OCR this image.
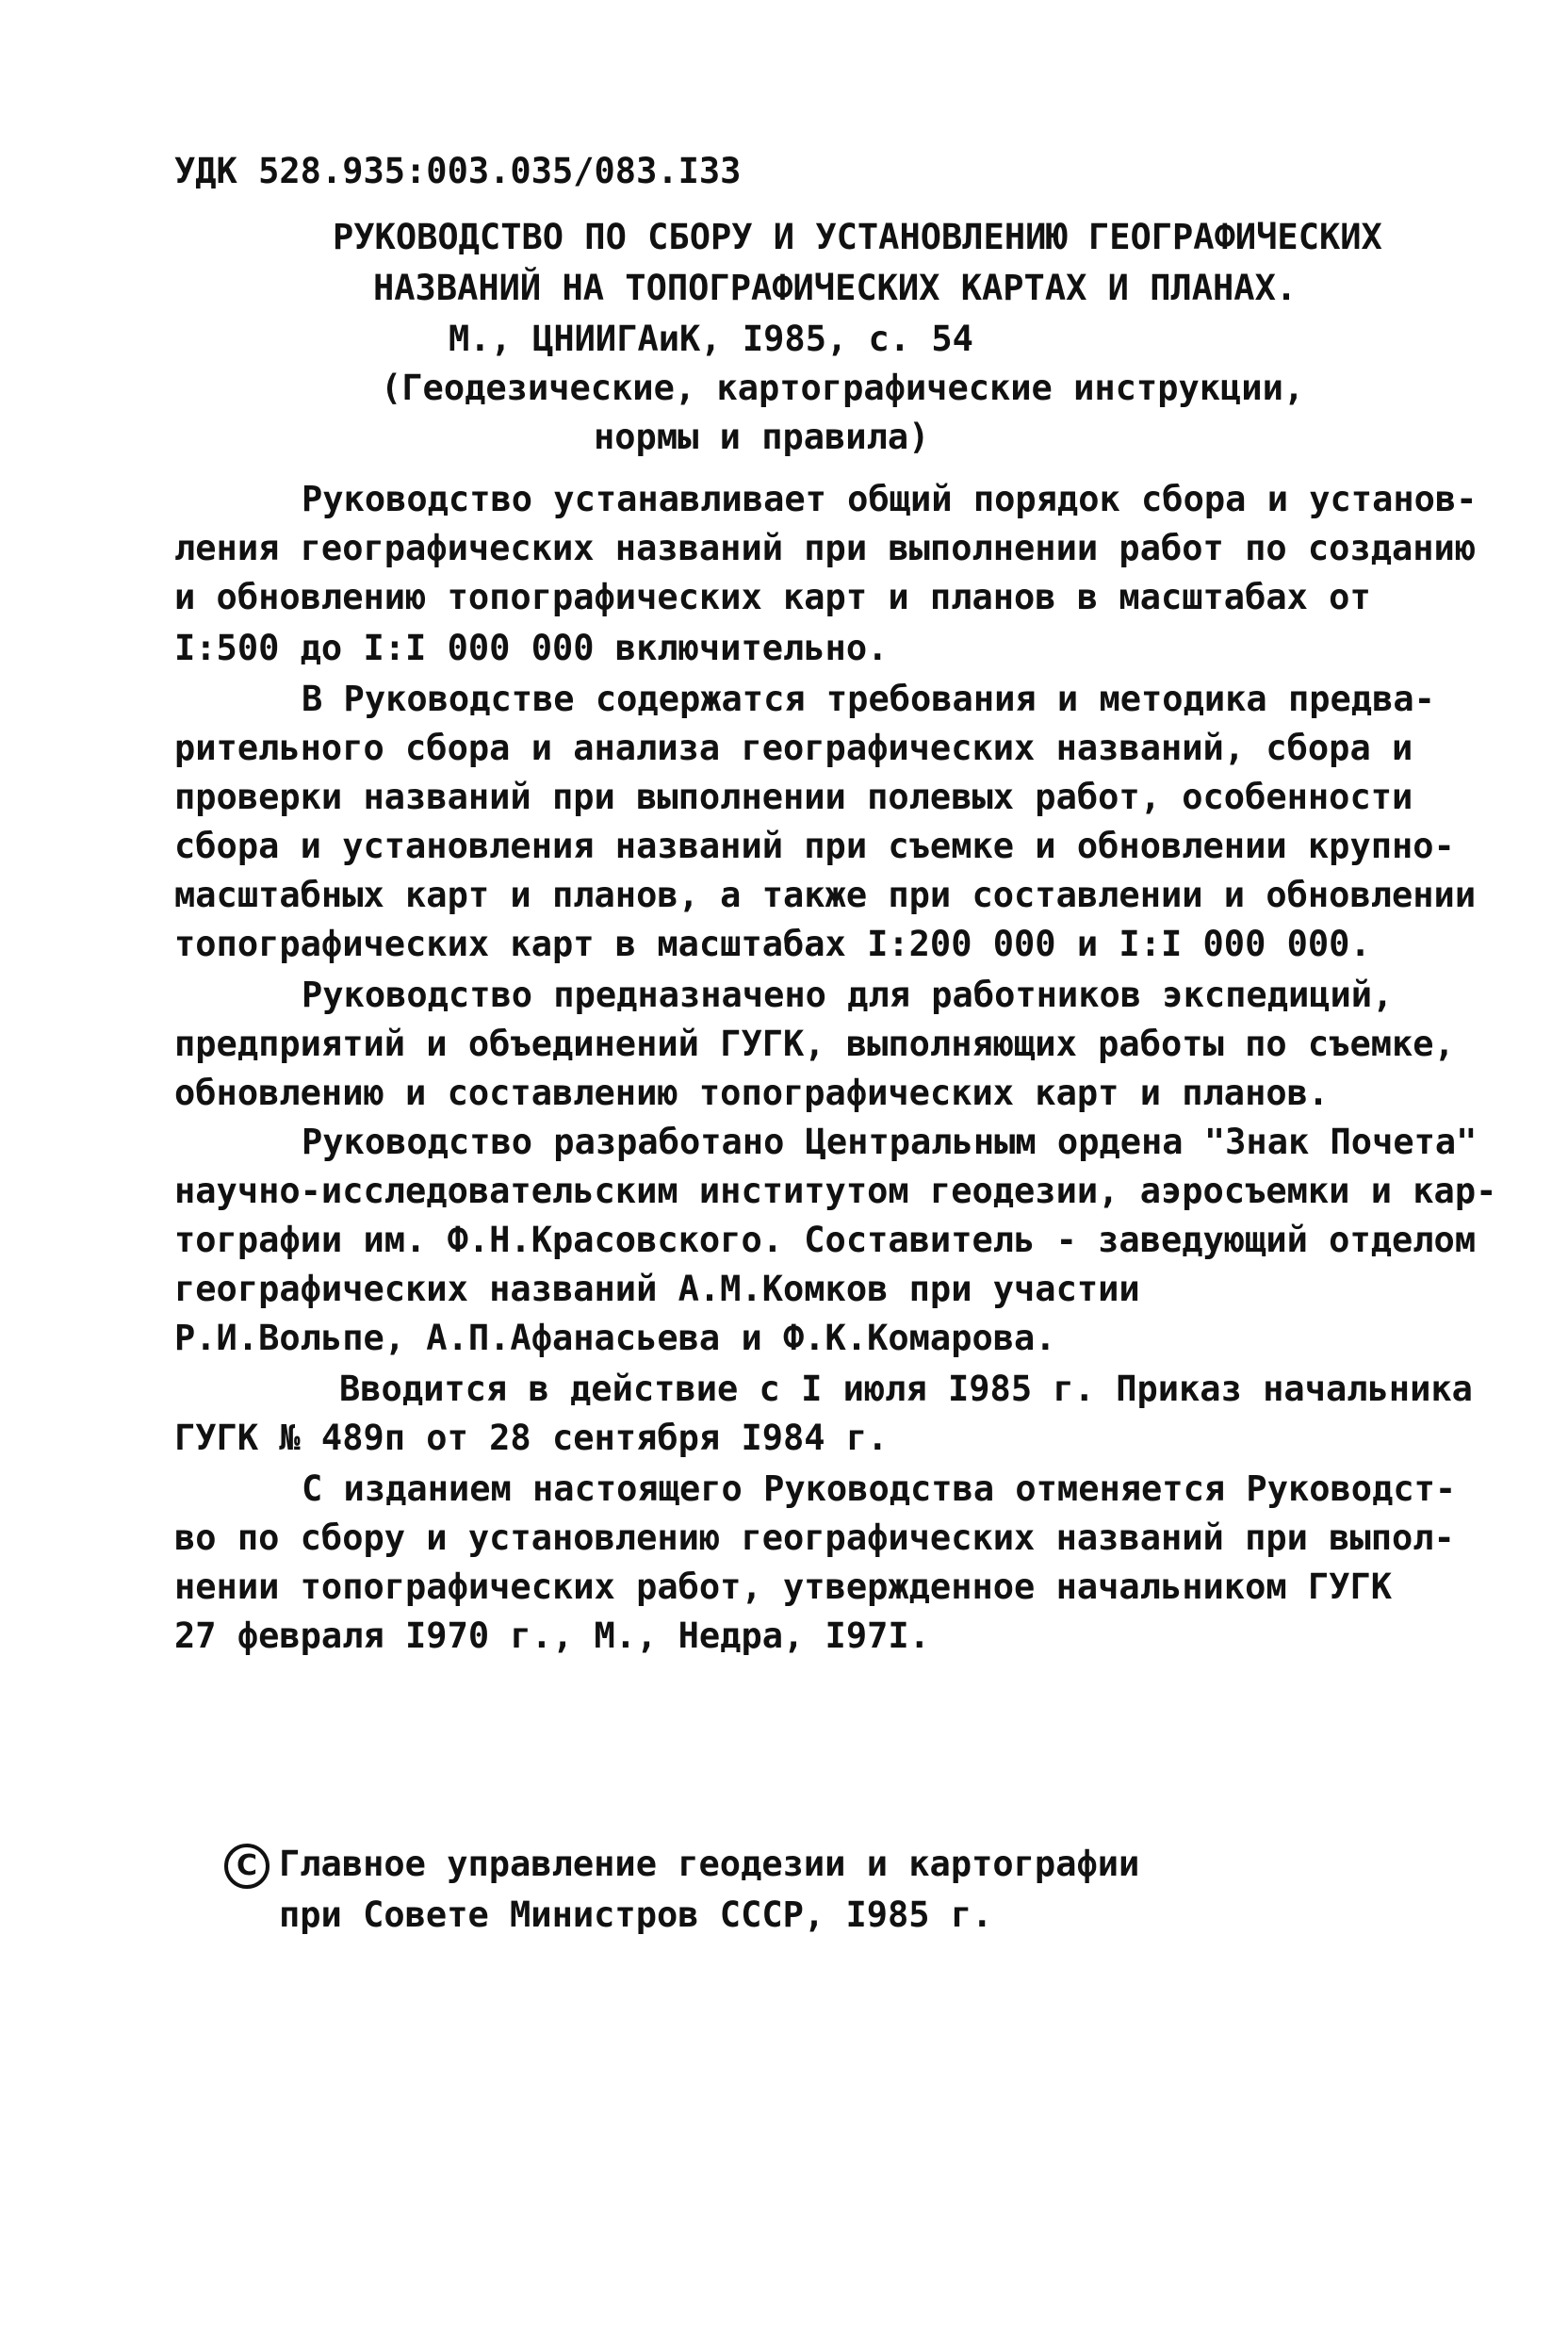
УДК 528.935:003.035/083.I33
РУКОВОДСТВО ПО СБОРУ И УСТАНОВЛЕНИЮ ГЕОГРАФИЧЕСКИХ
НАЗВАНИЙ НА ТОПОГРАФИЧЕСКИХ КАРТАХ И ПЛАНАХ.
М., ЦНИИГАиК, I985, с. 54
(Геодезические, картографические инструкции,
нормы и правила)
Руководство устанавливает общий порядок сбора и установ-
ления географических названий при выполнении работ по созданию
и обновлению топографических карт и планов в масштабах от
I:500 до I:I 000 000 включительно.
В Руководстве содержатся требования и методика предва-
рительного сбора и анализа географических названий, сбора и
проверки названий при выполнении полевых работ, особенности
сбора и установления названий при съемке и обновлении крупно-
масштабных карт и планов, а также при составлении и обновлении
топографических карт в масштабах I:200 000 и I:I 000 000.
Руководство предназначено для работников экспедиций,
предприятий и объединений ГУГК, выполняющих работы по съемке,
обновлению и составлению топографических карт и планов.
Руководство разработано Центральным ордена "Знак Почета"
научно-исследовательским институтом геодезии, аэросъемки и кар-
тографии им. Ф.Н.Красовского. Составитель - заведующий отделом
географических названий А.М.Комков при участии
Р.И.Вольпе, А.П.Афанасьева и Ф.К.Комарова.
Вводится в действие с I июля I985 г. Приказ начальника
ГУГК № 489п от 28 сентября I984 г.
С изданием настоящего Руководства отменяется Руководст-
во по сбору и установлению географических названий при выпол-
нении топографических работ, утвержденное начальником ГУГК
27 февраля I970 г., М., Недра, I97I.
C Главное управление геодезии и картографии
при Совете Министров СССР, I985 г.
